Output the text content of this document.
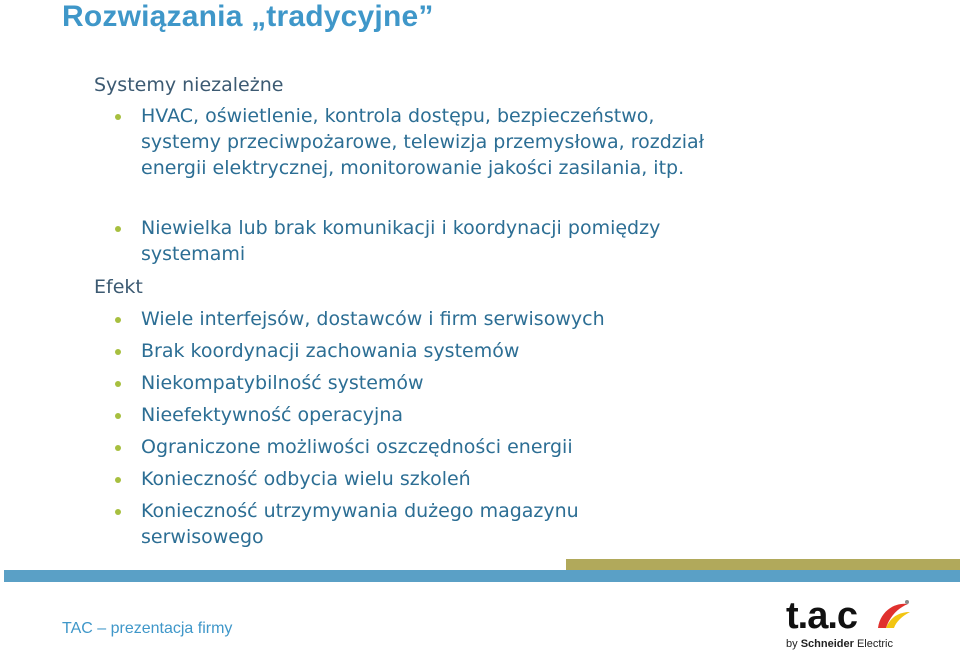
Rozwiązania „tradycyjne”
Systemy niezależne
HVAC, oświetlenie, kontrola dostępu, bezpieczeństwo, systemy przeciwpożarowe, telewizja przemysłowa, rozdział energii elektrycznej, monitorowanie jakości zasilania, itp.
Niewielka lub brak komunikacji i koordynacji pomiędzy systemami
Efekt
Wiele interfejsów, dostawców i firm serwisowych
Brak koordynacji zachowania systemów
Niekompatybilność systemów
Nieefektywność operacyjna
Ograniczone możliwości oszczędności energii
Konieczność odbycia wielu szkoleń
Konieczność utrzymywania dużego magazynu serwisowego
TAC – prezentacja firmy	t.a.c
by Schneider Electric
